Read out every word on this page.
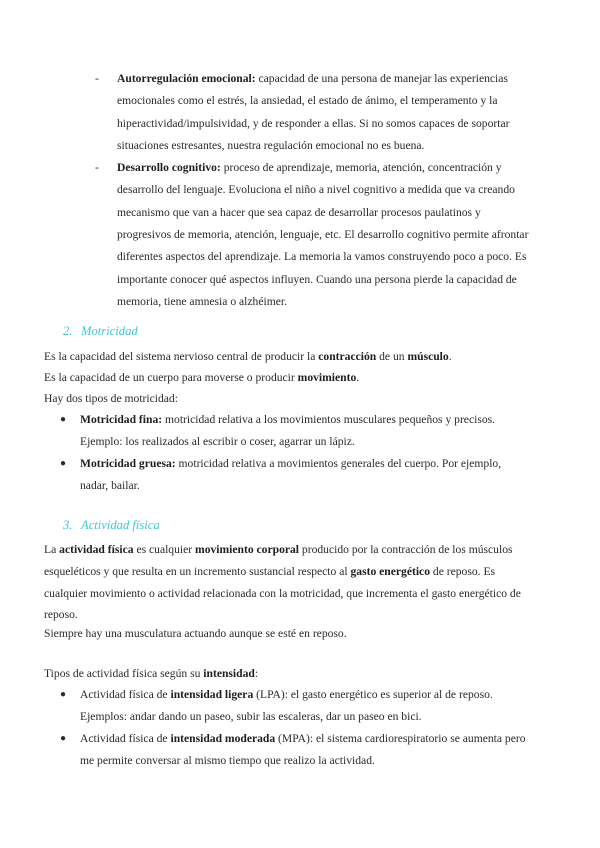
- Autorregulación emocional: capacidad de una persona de manejar las experiencias emocionales como el estrés, la ansiedad, el estado de ánimo, el temperamento y la hiperactividad/impulsividad, y de responder a ellas. Si no somos capaces de soportar situaciones estresantes, nuestra regulación emocional no es buena.
- Desarrollo cognitivo: proceso de aprendizaje, memoria, atención, concentración y desarrollo del lenguaje. Evoluciona el niño a nivel cognitivo a medida que va creando mecanismo que van a hacer que sea capaz de desarrollar procesos paulatinos y progresivos de memoria, atención, lenguaje, etc. El desarrollo cognitivo permite afrontar diferentes aspectos del aprendizaje. La memoria la vamos construyendo poco a poco. Es importante conocer qué aspectos influyen. Cuando una persona pierde la capacidad de memoria, tiene amnesia o alzhéimer.
2. Motricidad

Es la capacidad del sistema nervioso central de producir la contracción de un músculo.

Es la capacidad de un cuerpo para moverse o producir movimiento.

Hay dos tipos de motricidad:

● Motricidad fina: motricidad relativa a los movimientos musculares pequeños y precisos. Ejemplo: los realizados al escribir o coser, agarrar un lápiz.
● Motricidad gruesa: motricidad relativa a movimientos generales del cuerpo. Por ejemplo, nadar, bailar.
3. Actividad física

La actividad física es cualquier movimiento corporal producido por la contracción de los músculos esqueléticos y que resulta en un incremento sustancial respecto al gasto energético de reposo. Es cualquier movimiento o actividad relacionada con la motricidad, que incrementa el gasto energético de reposo.

Siempre hay una musculatura actuando aunque se esté en reposo.

Tipos de actividad física según su intensidad:

● Actividad física de intensidad ligera (LPA): el gasto energético es superior al de reposo. Ejemplos: andar dando un paseo, subir las escaleras, dar un paseo en bici.
● Actividad física de intensidad moderada (MPA): el sistema cardiorespiratorio se aumenta pero me permite conversar al mismo tiempo que realizo la actividad.
